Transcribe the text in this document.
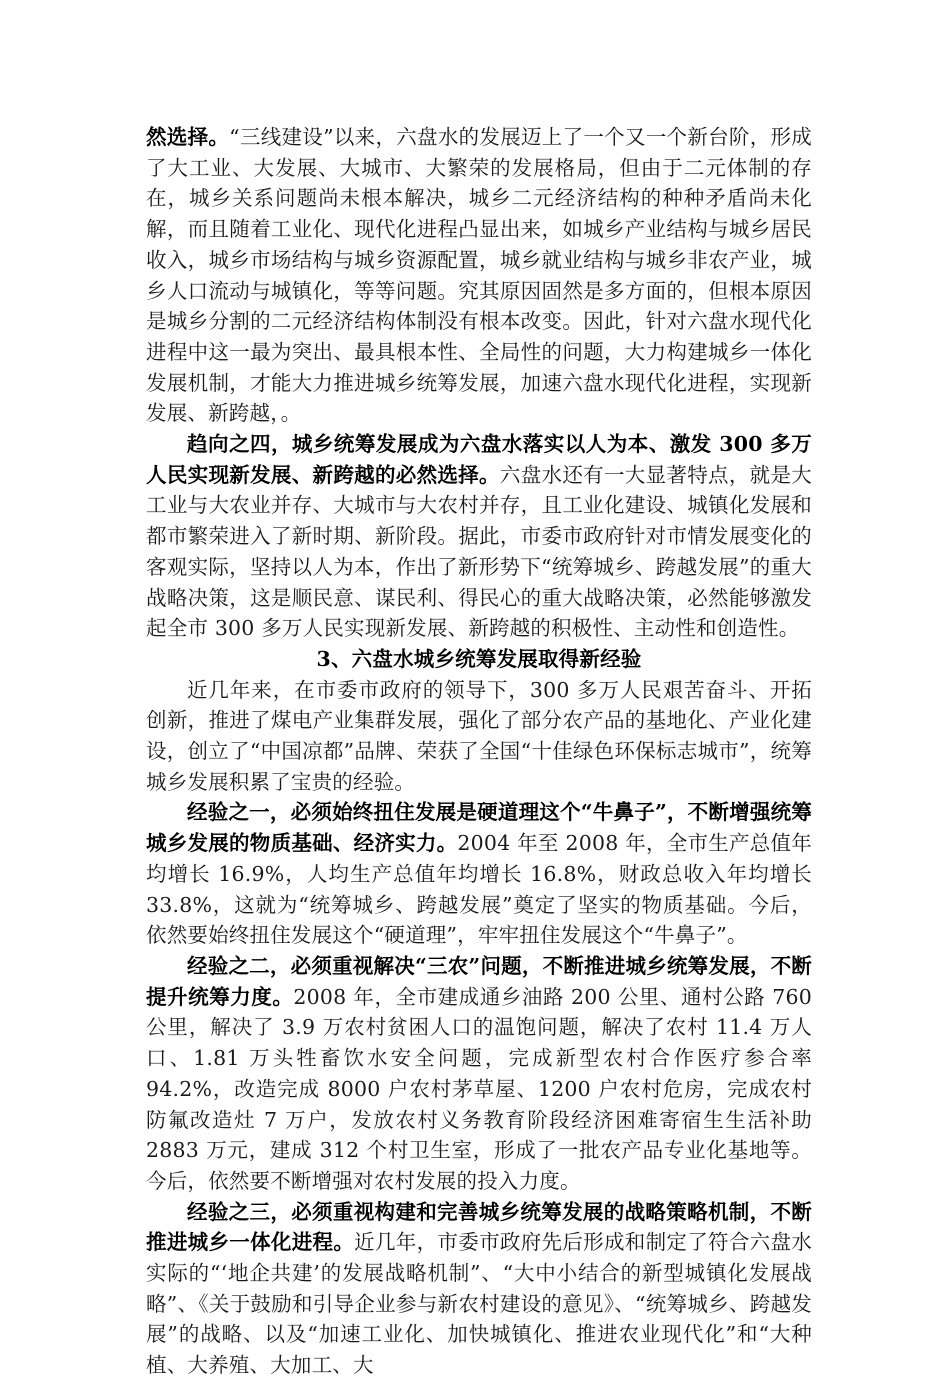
然选择。“三线建设”以来，六盘水的发展迈上了一个又一个新台阶，形成了大工业、大发展、大城市、大繁荣的发展格局，但由于二元体制的存在，城乡关系问题尚未根本解决，城乡二元经济结构的种种矛盾尚未化解，而且随着工业化、现代化进程凸显出来，如城乡产业结构与城乡居民收入，城乡市场结构与城乡资源配置，城乡就业结构与城乡非农产业，城乡人口流动与城镇化，等等问题。究其原因固然是多方面的，但根本原因是城乡分割的二元经济结构体制没有根本改变。因此，针对六盘水现代化进程中这一最为突出、最具根本性、全局性的问题，大力构建城乡一体化发展机制，才能大力推进城乡统筹发展，加速六盘水现代化进程，实现新发展、新跨越，。

趋向之四，城乡统筹发展成为六盘水落实以人为本、激发 300 多万人民实现新发展、新跨越的必然选择。六盘水还有一大显著特点，就是大工业与大农业并存、大城市与大农村并存，且工业化建设、城镇化发展和都市繁荣进入了新时期、新阶段。据此，市委市政府针对市情发展变化的客观实际，坚持以人为本，作出了新形势下“统筹城乡、跨越发展”的重大战略决策，这是顺民意、谋民利、得民心的重大战略决策，必然能够激发起全市 300 多万人民实现新发展、新跨越的积极性、主动性和创造性。

3、六盘水城乡统筹发展取得新经验

近几年来，在市委市政府的领导下，300 多万人民艰苦奋斗、开拓创新，推进了煤电产业集群发展，强化了部分农产品的基地化、产业化建设，创立了“中国凉都”品牌、荣获了全国“十佳绿色环保标志城市”，统筹城乡发展积累了宝贵的经验。

经验之一，必须始终扭住发展是硬道理这个“牛鼻子”，不断增强统筹城乡发展的物质基础、经济实力。2004 年至 2008 年，全市生产总值年均增长 16.9%，人均生产总值年均增长 16.8%，财政总收入年均增长 33.8%，这就为“统筹城乡、跨越发展”奠定了坚实的物质基础。今后，依然要始终扭住发展这个“硬道理”，牢牢扭住发展这个“牛鼻子”。

经验之二，必须重视解决“三农”问题，不断推进城乡统筹发展，不断提升统筹力度。2008 年，全市建成通乡油路 200 公里、通村公路 760 公里，解决了 3.9 万农村贫困人口的温饱问题，解决了农村 11.4 万人口、1.81 万头牲畜饮水安全问题，完成新型农村合作医疗参合率 94.2%，改造完成 8000 户农村茅草屋、1200 户农村危房，完成农村防氟改造灶 7 万户，发放农村义务教育阶段经济困难寄宿生生活补助 2883 万元，建成 312 个村卫生室，形成了一批农产品专业化基地等。今后，依然要不断增强对农村发展的投入力度。

经验之三，必须重视构建和完善城乡统筹发展的战略策略机制，不断推进城乡一体化进程。近几年，市委市政府先后形成和制定了符合六盘水实际的“‘地企共建’的发展战略机制”、“大中小结合的新型城镇化发展战略”、《关于鼓励和引导企业参与新农村建设的意见》、“统筹城乡、跨越发展”的战略、以及“加速工业化、加快城镇化、推进农业现代化”和“大种植、大养殖、大加工、大
